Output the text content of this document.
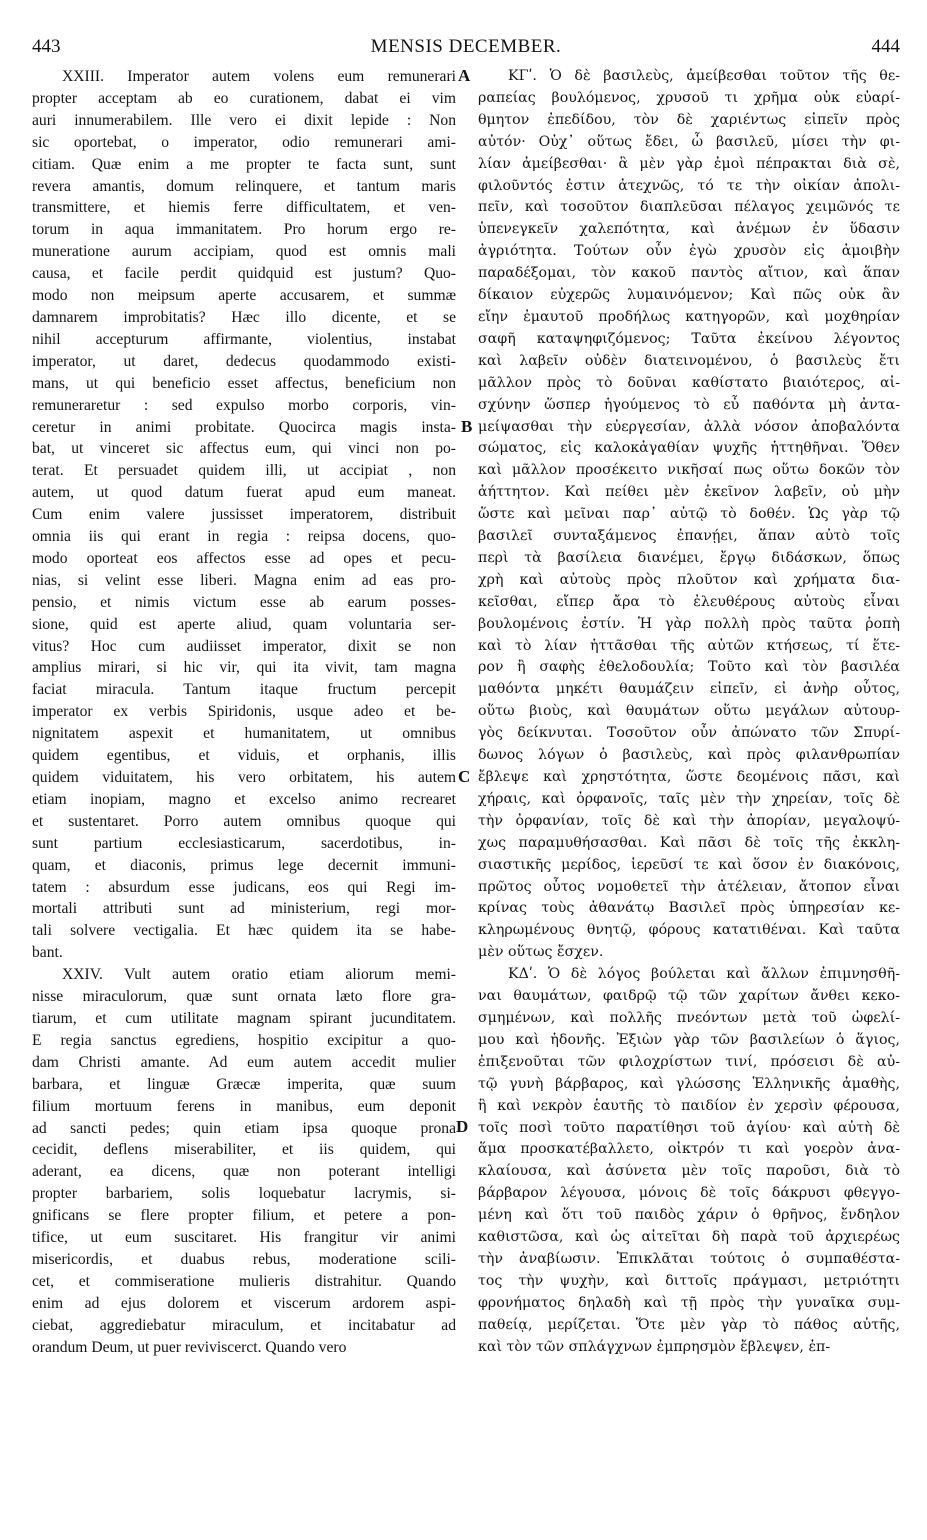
443	MENSIS DECEMBER.	444
XXIII. Imperator autem volens eum remunerari
propter acceptam ab eo curationem, dabat ei vim
auri innumerabilem. Ille vero ei dixit lepide : Non
sic oportebat, o imperator, odio remunerari ami-
citiam. Quæ enim a me propter te facta sunt, sunt
revera amantis, domum relinquere, et tantum maris
transmittere, et hiemis ferre difficultatem, et ven-
torum in aqua immanitatem. Pro horum ergo re-
muneratione aurum accipiam, quod est omnis mali
causa, et facile perdit quidquid est justum? Quo-
modo non meipsum aperte accusarem, et summæ
damnarem improbitatis? Hæc illo dicente, et se
nihil accepturum affirmante, violentius, instabat
imperator, ut daret, dedecus quodammodo existi-
mans, ut qui beneficio esset affectus, beneficium non
remuneraretur : sed expulso morbo corporis, vin-
ceretur in animi probitate. Quocirca magis insta-
bat, ut vinceret sic affectus eum, qui vinci non po-
terat. Et persuadet quidem illi, ut accipiat , non
autem, ut quod datum fuerat apud eum maneat.
Cum enim valere jussisset imperatorem, distribuit
omnia iis qui erant in regia : reipsa docens, quo-
modo oporteat eos affectos esse ad opes et pecu-
nias, si velint esse liberi. Magna enim ad eas pro-
pensio, et nimis victum esse ab earum posses-
sione, quid est aperte aliud, quam voluntaria ser-
vitus? Hoc cum audiisset imperator, dixit se non
amplius mirari, si hic vir, qui ita vivit, tam magna
faciat miracula. Tantum itaque fructum percepit
imperator ex verbis Spiridonis, usque adeo et be-
nignitatem aspexit et humanitatem, ut omnibus
quidem egentibus, et viduis, et orphanis, illis
quidem viduitatem, his vero orbitatem, his autem
etiam inopiam, magno et excelso animo recrearet
et sustentaret. Porro autem omnibus quoque qui
sunt partium ecclesiasticarum, sacerdotibus, in-
quam, et diaconis, primus lege decernit immuni-
tatem : absurdum esse judicans, eos qui Regi im-
mortali attributi sunt ad ministerium, regi mor-
tali solvere vectigalia. Et hæc quidem ita se habe-
bant.
XXIV. Vult autem oratio etiam aliorum memi-
nisse miraculorum, quæ sunt ornata læto flore gra-
tiarum, et cum utilitate magnam spirant jucunditatem.
E regia sanctus egrediens, hospitio excipitur a quo-
dam Christi amante. Ad eum autem accedit mulier
barbara, et linguæ Græcæ imperita, quæ suum
filium mortuum ferens in manibus, eum deponit
ad sancti pedes; quin etiam ipsa quoque prona
cecidit, deflens miserabiliter, et iis quidem, qui
aderant, ea dicens, quæ non poterant intelligi
propter barbariem, solis loquebatur lacrymis, si-
gnificans se flere propter filium, et petere a pon-
tifice, ut eum suscitaret. His frangitur vir animi
misericordis, et duabus rebus, moderatione scili-
cet, et commiseratione mulieris distrahitur. Quando
enim ad ejus dolorem et viscerum ardorem aspi-
ciebat, aggrediebatur miraculum, et incitabatur ad
orandum Deum, ut puer reviviscerct. Quando vero
ΚΓʹ. Ὁ δὲ βασιλεὺς, ἀμείβεσθαι τοῦτον τῆς θε-
ραπείας βουλόμενος, χρυσοῦ τι χρῆμα οὐκ εὐαρί-
θμητον ἐπεδίδου, τὸν δὲ χαριέντως εἰπεῖν πρὸς
αὐτόν· Οὐχ᾽ οὕτως ἔδει, ὦ βασιλεῦ, μίσει τὴν φι-
λίαν ἀμείβεσθαι· ἃ μὲν γὰρ ἐμοὶ πέπρακται διὰ σὲ,
φιλοῦντός ἐστιν ἀτεχνῶς, τό τε τὴν οἰκίαν ἀπολι-
πεῖν, καὶ τοσοῦτον διαπλεῦσαι πέλαγος χειμῶνός τε
ὑπενεγκεῖν χαλεπότητα, καὶ ἀνέμων ἐν ὕδασιν
ἀγριότητα. Τούτων οὖν ἐγὼ χρυσὸν εἰς ἀμοιβὴν
παραδέξομαι, τὸν κακοῦ παντὸς αἴτιον, καὶ ἅπαν
δίκαιον εὐχερῶς λυμαινόμενον; Καὶ πῶς οὐκ ἂν
εἴην ἐμαυτοῦ προδήλως κατηγορῶν, καὶ μοχθηρίαν
σαφῆ καταψηφιζόμενος; Ταῦτα ἐκείνου λέγοντος
καὶ λαβεῖν οὐδὲν διατεινομένου, ὁ βασιλεὺς ἔτι
μᾶλλον πρὸς τὸ δοῦναι καθίστατο βιαιότερος, αἰ-
σχύνην ὥσπερ ἡγούμενος τὸ εὖ παθόντα μὴ ἀντα-
μείψασθαι τὴν εὐεργεσίαν, ἀλλὰ νόσον ἀποβαλόντα
σώματος, εἰς καλοκἀγαθίαν ψυχῆς ἡττηθῆναι. Ὅθεν
καὶ μᾶλλον προσέκειτο νικῆσαί πως οὕτω δοκῶν τὸν
ἀήττητον. Καὶ πείθει μὲν ἐκεῖνον λαβεῖν, οὐ μὴν
ὥστε καὶ μεῖναι παρ᾽ αὐτῷ τὸ δοθέν. Ὡς γὰρ τῷ
βασιλεῖ συνταξάμενος ἐπανῄει, ἅπαν αὐτὸ τοῖς
περὶ τὰ βασίλεια διανέμει, ἔργῳ διδάσκων, ὅπως
χρὴ καὶ αὐτοὺς πρὸς πλοῦτον καὶ χρήματα δια-
κεῖσθαι, εἴπερ ἄρα τὸ ἐλευθέρους αὐτοὺς εἶναι
βουλομένοις ἐστίν. Ἡ γὰρ πολλὴ πρὸς ταῦτα ῥοπὴ
καὶ τὸ λίαν ἡττᾶσθαι τῆς αὐτῶν κτήσεως, τί ἕτε-
ρον ἢ σαφὴς ἐθελοδουλία; Τοῦτο καὶ τὸν βασιλέα
μαθόντα μηκέτι θαυμάζειν εἰπεῖν, εἰ ἀνὴρ οὗτος,
οὕτω βιοὺς, καὶ θαυμάτων οὕτω μεγάλων αὐτουρ-
γὸς δείκνυται. Τοσοῦτον οὖν ἀπώνατο τῶν Σπυρί-
δωνος λόγων ὁ βασιλεὺς, καὶ πρὸς φιλανθρωπίαν
ἔβλεψε καὶ χρηστότητα, ὥστε δεομένοις πᾶσι, καὶ
χήραις, καὶ ὀρφανοῖς, ταῖς μὲν τὴν χηρείαν, τοῖς δὲ
τὴν ὀρφανίαν, τοῖς δὲ καὶ τὴν ἀπορίαν, μεγαλοψύ-
χως παραμυθήσασθαι. Καὶ πᾶσι δὲ τοῖς τῆς ἐκκλη-
σιαστικῆς μερίδος, ἱερεῦσί τε καὶ ὅσον ἐν διακόνοις,
πρῶτος οὗτος νομοθετεῖ τὴν ἀτέλειαν, ἄτοπον εἶναι
κρίνας τοὺς ἀθανάτῳ Βασιλεῖ πρὸς ὑπηρεσίαν κε-
κληρωμένους θνητῷ, φόρους κατατιθέναι. Καὶ ταῦτα
μὲν οὕτως ἔσχεν.
ΚΔʹ. Ὁ δὲ λόγος βούλεται καὶ ἄλλων ἐπιμνησθῆ-
ναι θαυμάτων, φαιδρῷ τῷ τῶν χαρίτων ἄνθει κεκο-
σμημένων, καὶ πολλῆς πνεόντων μετὰ τοῦ ὠφελί-
μου καὶ ἡδονῆς. Ἐξιὼν γὰρ τῶν βασιλείων ὁ ἅγιος,
ἐπιξενοῦται τῶν φιλοχρίστων τινί, πρόσεισι δὲ αὐ-
τῷ γυνὴ βάρβαρος, καὶ γλώσσης Ἑλληνικῆς ἀμαθὴς,
ἣ καὶ νεκρὸν ἑαυτῆς τὸ παιδίον ἐν χερσὶν φέρουσα,
τοῖς ποσὶ τοῦτο παρατίθησι τοῦ ἁγίου· καὶ αὐτὴ δὲ
ἅμα προσκατέβαλλετο, οἰκτρόν τι καὶ γοερὸν ἀνα-
κλαίουσα, καὶ ἀσύνετα μὲν τοῖς παροῦσι, διὰ τὸ
βάρβαρον λέγουσα, μόνοις δὲ τοῖς δάκρυσι φθεγγο-
μένη καὶ ὅτι τοῦ παιδὸς χάριν ὁ θρῆνος, ἔνδηλον
καθιστῶσα, καὶ ὡς αἰτεῖται δὴ παρὰ τοῦ ἀρχιερέως
τὴν ἀναβίωσιν. Ἐπικλᾶται τούτοις ὁ συμπαθέστα-
τος τὴν ψυχὴν, καὶ διττοῖς πράγμασι, μετριότητι
φρονήματος δηλαδὴ καὶ τῇ πρὸς τὴν γυναῖκα συμ-
παθείᾳ, μερίζεται. Ὅτε μὲν γὰρ τὸ πάθος αὐτῆς,
καὶ τὸν τῶν σπλάγχνων ἐμπρησμὸν ἔβλεψεν, ἐπ-
A
B
C
D
